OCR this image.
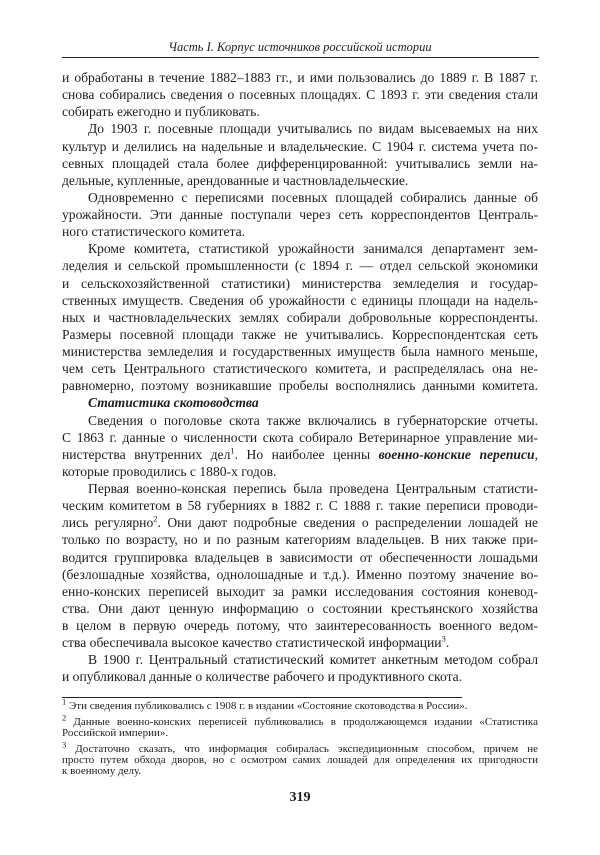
Часть I. Корпус источников российской истории
и обработаны в течение 1882–1883 гг., и ими пользовались до 1889 г. В 1887 г.
снова собирались сведения о посевных площадях. С 1893 г. эти сведения стали
собирать ежегодно и публиковать.
До 1903 г. посевные площади учитывались по видам высеваемых на них
культур и делились на надельные и владельческие. С 1904 г. система учета по-
севных площадей стала более дифференцированной: учитывались земли на-
дельные, купленные, арендованные и частновладельческие.
Одновременно с переписями посевных площадей собирались данные об
урожайности. Эти данные поступали через сеть корреспондентов Централь-
ного статистического комитета.
Кроме комитета, статистикой урожайности занимался департамент зем-
леделия и сельской промышленности (с 1894 г. — отдел сельской экономики
и сельскохозяйственной статистики) министерства земледелия и государ-
ственных имуществ. Сведения об урожайности с единицы площади на надель-
ных и частновладельческих землях собирали добровольные корреспонденты.
Размеры посевной площади также не учитывались. Корреспондентская сеть
министерства земледелия и государственных имуществ была намного меньше,
чем сеть Центрального статистического комитета, и распределялась она не-
равномерно, поэтому возникавшие пробелы восполнялись данными комитета.
Статистика скотоводства
Сведения о поголовье скота также включались в губернаторские отчеты.
С 1863 г. данные о численности скота собирало Ветеринарное управление ми-
нистерства внутренних дел$^1$. Но наиболее ценны военно-конские переписи,
которые проводились с 1880-х годов.
Первая военно-конская перепись была проведена Центральным статисти-
ческим комитетом в 58 губерниях в 1882 г. С 1888 г. такие переписи проводи-
лись регулярно$^2$. Они дают подробные сведения о распределении лошадей не
только по возрасту, но и по разным категориям владельцев. В них также при-
водится группировка владельцев в зависимости от обеспеченности лошадьми
(безлошадные хозяйства, однолошадные и т.д.). Именно поэтому значение во-
енно-конских переписей выходит за рамки исследования состояния коневод-
ства. Они дают ценную информацию о состоянии крестьянского хозяйства
в целом в первую очередь потому, что заинтересованность военного ведом-
ства обеспечивала высокое качество статистической информации$^3$.
В 1900 г. Центральный статистический комитет анкетным методом собрал
и опубликовал данные о количестве рабочего и продуктивного скота.
$^1$ Эти сведения публиковались с 1908 г. в издании «Состояние скотоводства в России».
$^2$ Данные военно-конских переписей публиковались в продолжающемся издании «Статистика
Российской империи».
$^3$ Достаточно сказать, что информация собиралась экспедиционным способом, причем не
просто путем обхода дворов, но с осмотром самих лошадей для определения их пригодности
к военному делу.
319
